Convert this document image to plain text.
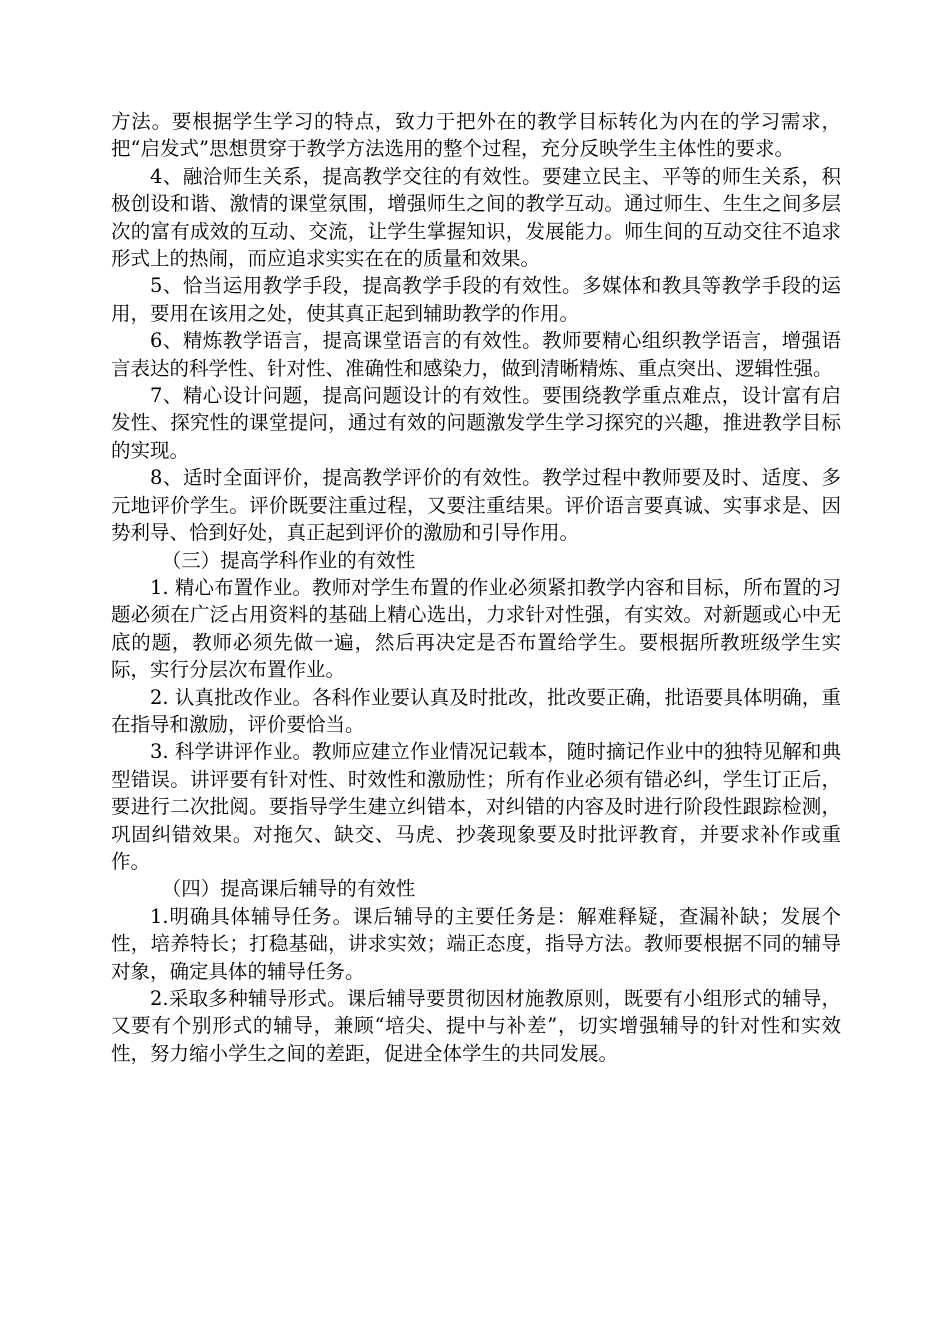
方法。要根据学生学习的特点，致力于把外在的教学目标转化为内在的学习需求，把“启发式”思想贯穿于教学方法选用的整个过程，充分反映学生主体性的要求。

4、融洽师生关系，提高教学交往的有效性。要建立民主、平等的师生关系，积极创设和谐、激情的课堂氛围，增强师生之间的教学互动。通过师生、生生之间多层次的富有成效的互动、交流，让学生掌握知识，发展能力。师生间的互动交往不追求形式上的热闹，而应追求实实在在的质量和效果。

5、恰当运用教学手段，提高教学手段的有效性。多媒体和教具等教学手段的运用，要用在该用之处，使其真正起到辅助教学的作用。

6、精炼教学语言，提高课堂语言的有效性。教师要精心组织教学语言，增强语言表达的科学性、针对性、准确性和感染力，做到清晰精炼、重点突出、逻辑性强。

7、精心设计问题，提高问题设计的有效性。要围绕教学重点难点，设计富有启发性、探究性的课堂提问，通过有效的问题激发学生学习探究的兴趣，推进教学目标的实现。

8、适时全面评价，提高教学评价的有效性。教学过程中教师要及时、适度、多元地评价学生。评价既要注重过程，又要注重结果。评价语言要真诚、实事求是、因势利导、恰到好处，真正起到评价的激励和引导作用。

（三）提高学科作业的有效性

1. 精心布置作业。教师对学生布置的作业必须紧扣教学内容和目标，所布置的习题必须在广泛占用资料的基础上精心选出，力求针对性强，有实效。对新题或心中无底的题，教师必须先做一遍，然后再决定是否布置给学生。要根据所教班级学生实际，实行分层次布置作业。

2. 认真批改作业。各科作业要认真及时批改，批改要正确，批语要具体明确，重在指导和激励，评价要恰当。

3. 科学讲评作业。教师应建立作业情况记载本，随时摘记作业中的独特见解和典型错误。讲评要有针对性、时效性和激励性；所有作业必须有错必纠，学生订正后，要进行二次批阅。要指导学生建立纠错本，对纠错的内容及时进行阶段性跟踪检测，巩固纠错效果。对拖欠、缺交、马虎、抄袭现象要及时批评教育，并要求补作或重作。

（四）提高课后辅导的有效性

1.明确具体辅导任务。课后辅导的主要任务是：解难释疑，查漏补缺；发展个性，培养特长；打稳基础，讲求实效；端正态度，指导方法。教师要根据不同的辅导对象，确定具体的辅导任务。

2.采取多种辅导形式。课后辅导要贯彻因材施教原则，既要有小组形式的辅导，又要有个别形式的辅导，兼顾“培尖、提中与补差”，切实增强辅导的针对性和实效性，努力缩小学生之间的差距，促进全体学生的共同发展。
